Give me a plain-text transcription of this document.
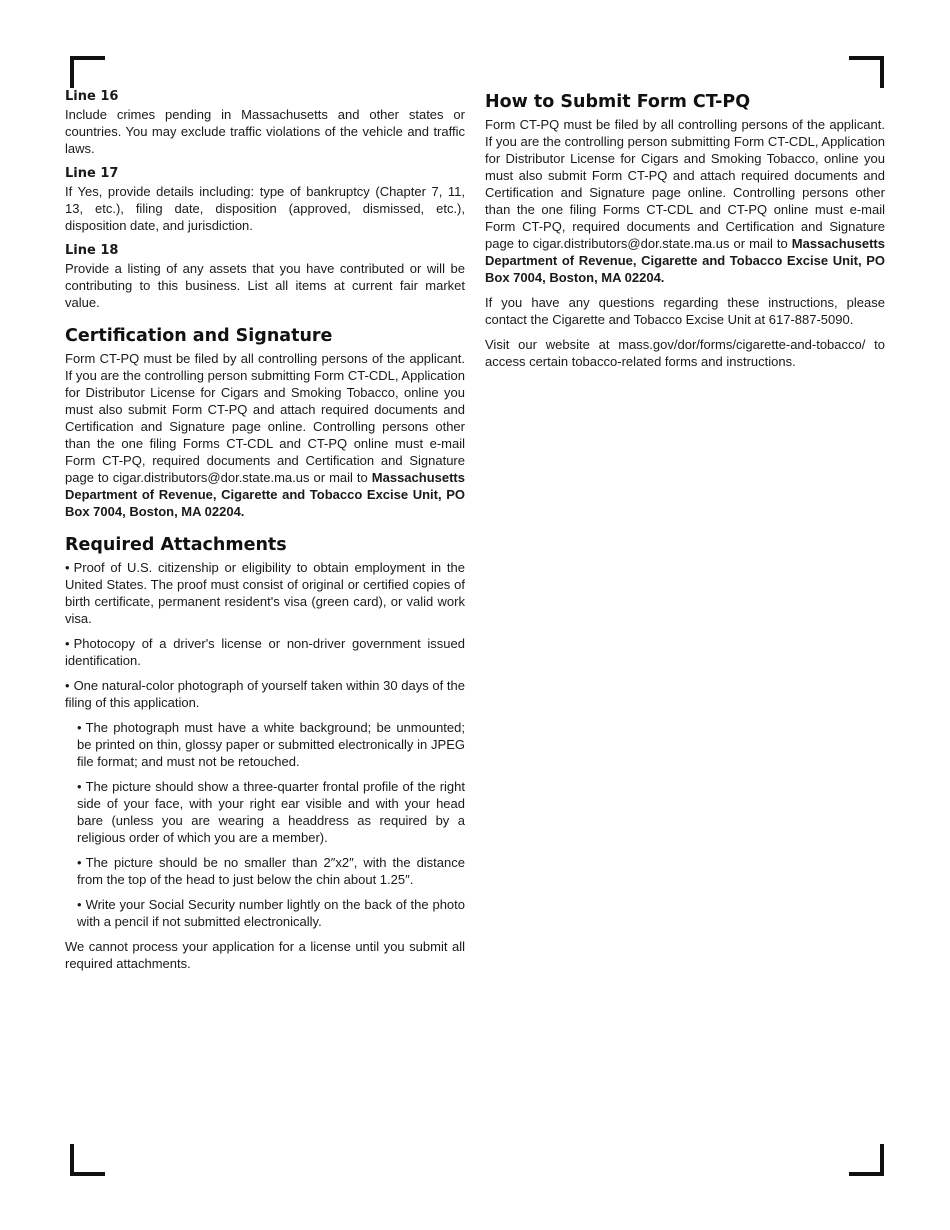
Line 16

Include crimes pending in Massachusetts and other states or countries. You may exclude traffic violations of the vehicle and traffic laws.

Line 17

If Yes, provide details including: type of bankruptcy (Chapter 7, 11, 13, etc.), filing date, disposition (approved, dismissed, etc.), disposition date, and jurisdiction.

Line 18

Provide a listing of any assets that you have contributed or will be contributing to this business. List all items at current fair market value.

Certification and Signature

Form CT-PQ must be filed by all controlling persons of the applicant. If you are the controlling person submitting Form CT-CDL, Application for Distributor License for Cigars and Smoking Tobacco, online you must also submit Form CT-PQ and attach required documents and Certification and Signature page online. Controlling persons other than the one filing Forms CT-CDL and CT-PQ online must e-mail Form CT-PQ, required documents and Certification and Signature page to cigar.distributors@dor.state.ma.us or mail to Massachusetts Department of Revenue, Cigarette and Tobacco Excise Unit, PO Box 7004, Boston, MA 02204.

Required Attachments
• Proof of U.S. citizenship or eligibility to obtain employment in the United States. The proof must consist of original or certified copies of birth certificate, permanent resident's visa (green card), or valid work visa.
• Photocopy of a driver's license or non-driver government issued identification.
• One natural-color photograph of yourself taken within 30 days of the filing of this application.
• The photograph must have a white background; be unmounted; be printed on thin, glossy paper or submitted electronically in JPEG file format; and must not be retouched.
• The picture should show a three-quarter frontal profile of the right side of your face, with your right ear visible and with your head bare (unless you are wearing a headdress as required by a religious order of which you are a member).
• The picture should be no smaller than 2″x2″, with the distance from the top of the head to just below the chin about 1.25″.
• Write your Social Security number lightly on the back of the photo with a pencil if not submitted electronically.

We cannot process your application for a license until you submit all required attachments.

How to Submit Form CT-PQ

Form CT-PQ must be filed by all controlling persons of the applicant. If you are the controlling person submitting Form CT-CDL, Application for Distributor License for Cigars and Smoking Tobacco, online you must also submit Form CT-PQ and attach required documents and Certification and Signature page online. Controlling persons other than the one filing Forms CT-CDL and CT-PQ online must e-mail Form CT-PQ, required documents and Certification and Signature page to cigar.distributors@dor.state.ma.us or mail to Massachusetts Department of Revenue, Cigarette and Tobacco Excise Unit, PO Box 7004, Boston, MA 02204.

If you have any questions regarding these instructions, please contact the Cigarette and Tobacco Excise Unit at 617-887-5090.

Visit our website at mass.gov/dor/forms/cigarette-and-tobacco/ to access certain tobacco-related forms and instructions.
